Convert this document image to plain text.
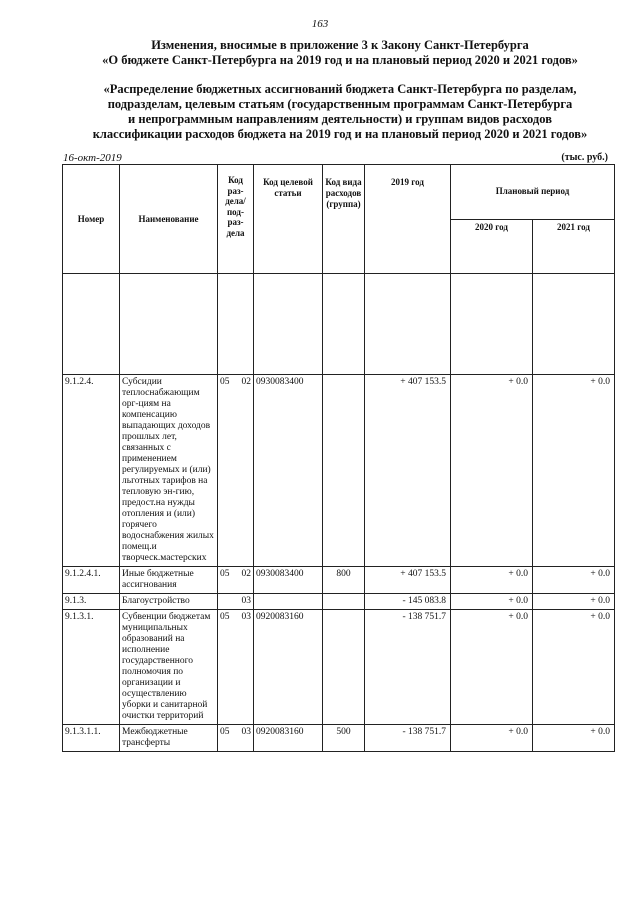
163
Изменения, вносимые в приложение 3 к Закону Санкт-Петербурга
«О бюджете Санкт-Петербурга на 2019 год и на плановый период 2020 и 2021 годов»
«Распределение бюджетных ассигнований бюджета Санкт-Петербурга по разделам,
подразделам, целевым статьям (государственным программам Санкт-Петербурга
и непрограммным направлениям деятельности) и группам видов расходов
классификации расходов бюджета на 2019 год и на плановый период 2020 и 2021 годов»
16-окт-2019	(тыс. руб.)
Номер	Наименование	Код раз- дела/ под- раз- дела	Код целевой статьи	Код вида расходов (группа)	2019 год	Плановый период	
						2020 год	2021 год

9.1.2.4.	Субсидии теплоснабжающим орг-циям на компенсацию выпадающих доходов прошлых лет, связанных с применением регулируемых и (или) льготных тарифов на тепловую эн-гию, предост.на нужды отопления и (или) горячего водоснабжения жилых помещ.и творческ.мастерских	05 02	0930083400		+ 407 153.5	+ 0.0	+ 0.0
9.1.2.4.1.	Иные бюджетные ассигнования	05 02	0930083400	800	+ 407 153.5	+ 0.0	+ 0.0
9.1.3.	Благоустройство	03			- 145 083.8	+ 0.0	+ 0.0
9.1.3.1.	Субвенции бюджетам муниципальных образований на исполнение государственного полномочия по организации и осуществлению уборки и санитарной очистки территорий	05 03	0920083160		- 138 751.7	+ 0.0	+ 0.0
9.1.3.1.1.	Межбюджетные трансферты	05 03	0920083160	500	- 138 751.7	+ 0.0	+ 0.0
